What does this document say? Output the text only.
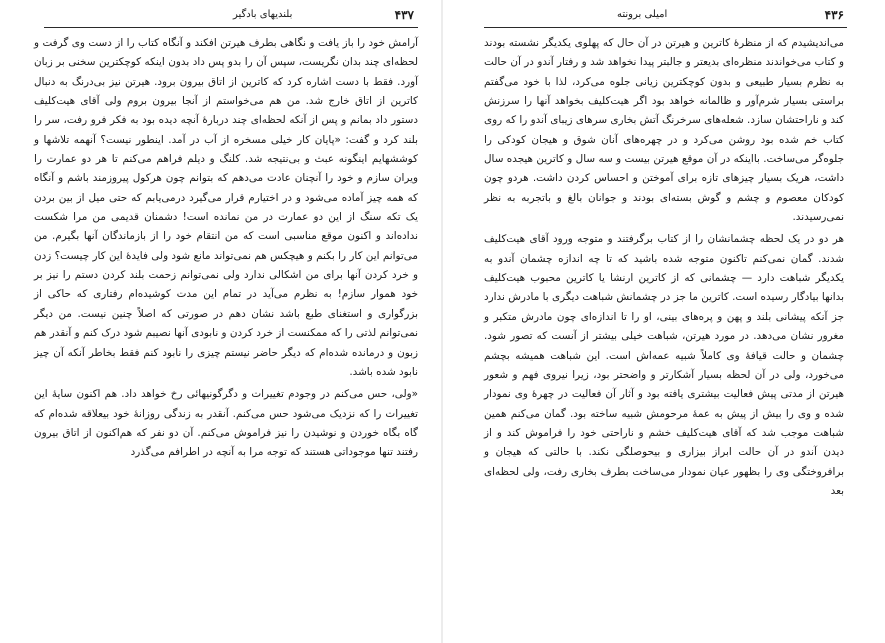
۴۳۷
بلندیهای بادگیر

آرامش خود را باز یافت و نگاهی بطرف هیرتن افکند و آنگاه کتاب را از دست وی گرفت و لحظه‌ای چند بدان نگریست، سپس آن را بدو پس داد بدون اینکه کوچکترین سخنی بر زبان آورد. فقط با دست اشاره کرد که کاترین از اتاق بیرون برود. هیرتن نیز بی‌درنگ به دنبال کاترین از اتاق خارج شد. من هم می‌خواستم از آنجا بیرون بروم ولی آقای هیت‌کلیف دستور داد بمانم و پس از آنکه لحظه‌ای چند دربارهٔ آنچه دیده بود به فکر فرو رفت، سر را بلند کرد و گفت: «پایان کار خیلی مسخره از آب در آمد. اینطور نیست؟ آنهمه تلاشها و کوششهایم اینگونه عبث و بی‌نتیجه شد. کلنگ و دیلم فراهم می‌کنم تا هر دو عمارت را ویران سازم و خود را آنچنان عادت می‌دهم که بتوانم چون هرکول پیروزمند باشم و آنگاه که همه چیز آماده می‌شود و در اختیارم قرار می‌گیرد درمی‌یابم که حتی میل از بین بردن یک تکه سنگ از این دو عمارت در من نمانده است! دشمنان قدیمی من مرا شکست نداده‌اند و اکنون موقع مناسبی است که من انتقام خود را از بازماندگان آنها بگیرم. من می‌توانم این کار را بکنم و هیچکس هم نمی‌تواند مانع شود ولی فایدهٔ این کار چیست؟ زدن و خرد کردن آنها برای من اشکالی ندارد ولی نمی‌توانم زحمت بلند کردن دستم را نیز بر خود هموار سازم! به نظرم می‌آید در تمام این مدت کوشیده‌ام رفتاری که حاکی از بزرگواری و استغنای طبع باشد نشان دهم در صورتی که اصلاً چنین نیست. من دیگر نمی‌توانم لذتی را که ممکنست از خرد کردن و نابودی آنها نصیبم شود درک کنم و آنقدر هم زبون و درمانده شده‌ام که دیگر حاضر نیستم چیزی را نابود کنم فقط بخاطر آنکه آن چیز نابود شده باشد.

«ولی، حس می‌کنم در وجودم تغییرات و دگرگونیهائی رخ خواهد داد. هم اکنون سایهٔ این تغییرات را که نزدیک می‌شود حس می‌کنم. آنقدر به زندگی روزانهٔ خود بیعلاقه شده‌ام که گاه بگاه خوردن و نوشیدن را نیز فراموش می‌کنم. آن دو نفر که هم‌اکنون از اتاق بیرون رفتند تنها موجوداتی هستند که توجه مرا به آنچه در اطرافم می‌گذرد

۴۳۶
امیلی برونته

می‌اندیشیدم که از منظرهٔ کاترین و هیرتن در آن حال که پهلوی یکدیگر نشسته بودند و کتاب می‌خواندند منظره‌ای بدیعتر و جالبتر پیدا نخواهد شد و رفتار آندو در آن حالت به نظرم بسیار طبیعی و بدون کوچکترین زیانی جلوه می‌کرد، لذا با خود می‌گفتم براستی بسیار شرم‌آور و ظالمانه خواهد بود اگر هیت‌کلیف بخواهد آنها را سرزنش کند و ناراحتشان سازد. شعله‌های سرخرنگ آتش بخاری سرهای زیبای آندو را که روی کتاب خم شده بود روشن می‌کرد و در چهره‌های آنان شوق و هیجان کودکی را جلوه‌گر می‌ساخت. بااینکه در آن موقع هیرتن بیست و سه سال و کاترین هیجده سال داشت، هریک بسیار چیزهای تازه برای آموختن و احساس کردن داشت. هردو چون کودکان معصوم و چشم و گوش بسته‌ای بودند و جوانان بالغ و باتجربه به نظر نمی‌رسیدند.

هر دو در یک لحظه چشمانشان را از کتاب برگرفتند و متوجه ورود آقای هیت‌کلیف شدند. گمان نمی‌کنم تاکنون متوجه شده باشید که تا چه اندازه چشمان آندو به یکدیگر شباهت دارد — چشمانی که از کاترین ارنشا یا کاترین محبوب هیت‌کلیف بدانها بیادگار رسیده است. کاترین ما جز در چشمانش شباهت دیگری با مادرش ندارد جز آنکه پیشانی بلند و پهن و پره‌های بینی، او را تا اندازه‌ای چون مادرش متکبر و مغرور نشان می‌دهد. در مورد هیرتن، شباهت خیلی بیشتر از آنست که تصور شود. چشمان و حالت قیافهٔ وی کاملاً شبیه عمه‌اش است. این شباهت همیشه بچشم می‌خورد، ولی در آن لحظه بسیار آشکارتر و واضحتر بود، زیرا نیروی فهم و شعور هیرتن از مدتی پیش فعالیت بیشتری یافته بود و آثار آن فعالیت در چهرهٔ وی نمودار شده و وی را بیش از پیش به عمهٔ مرحومش شبیه ساخته بود. گمان می‌کنم همین شباهت موجب شد که آقای هیت‌کلیف خشم و ناراحتی خود را فراموش کند و از دیدن آندو در آن حالت ابراز بیزاری و بیحوصلگی نکند. با حالتی که هیجان و برافروختگی وی را بظهور عیان نمودار می‌ساخت بطرف بخاری رفت، ولی لحظه‌ای بعد
